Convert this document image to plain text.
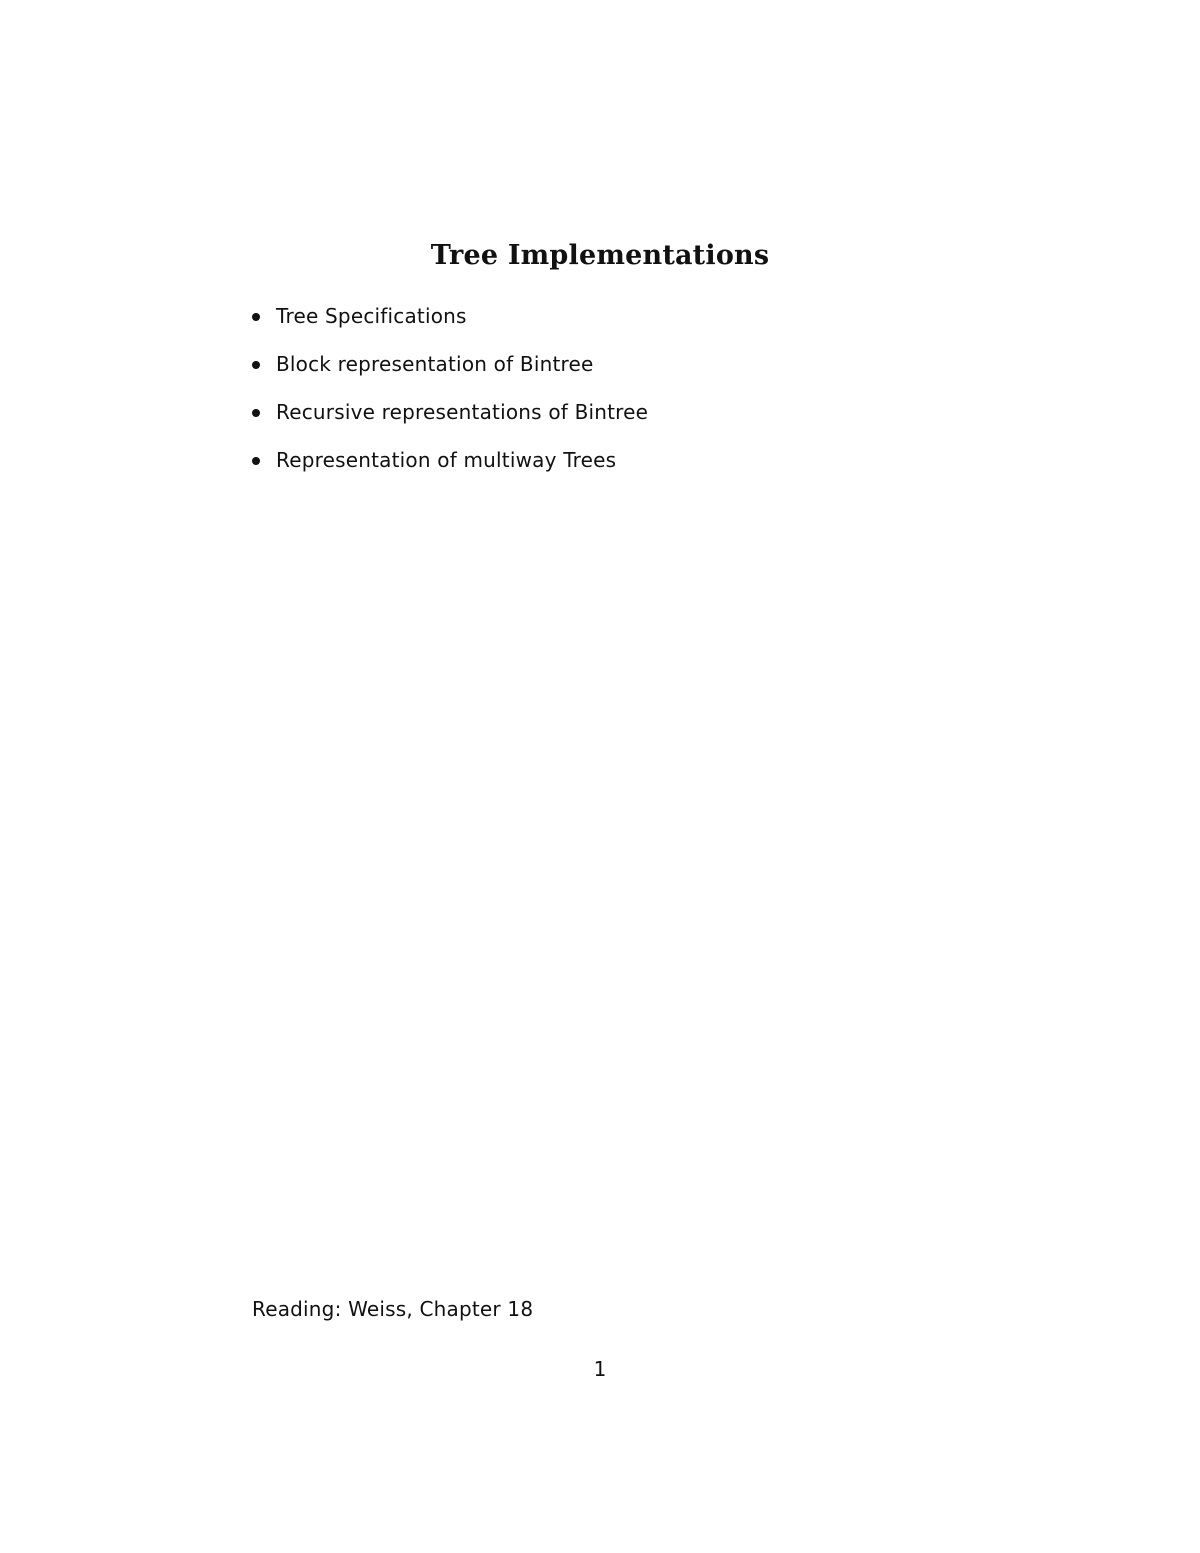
Tree Implementations
Tree Specifications
Block representation of Bintree
Recursive representations of Bintree
Representation of multiway Trees
Reading: Weiss, Chapter 18
1
